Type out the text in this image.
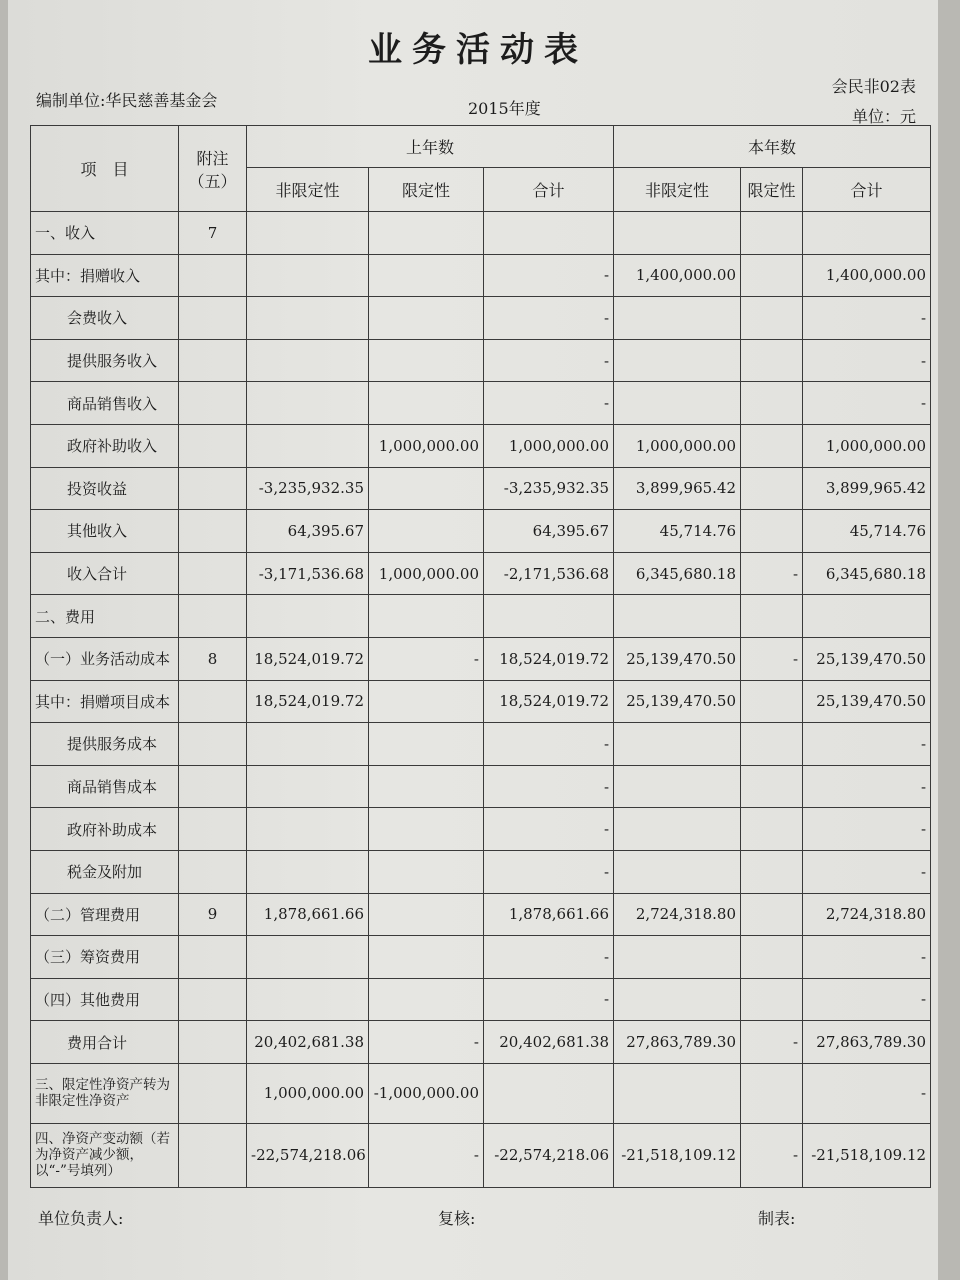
业务活动表
会民非02表
编制单位:华民慈善基金会	2015年度	单位：元
项　目	附注（五）	上年数			本年数		
		非限定性	限定性	合计	非限定性	限定性	合计
一、收入	7						
其中：捐赠收入				-	1,400,000.00		1,400,000.00
会费收入				-			-
提供服务收入				-			-
商品销售收入				-			-
政府补助收入			1,000,000.00	1,000,000.00	1,000,000.00		1,000,000.00
投资收益		-3,235,932.35		-3,235,932.35	3,899,965.42		3,899,965.42
其他收入		64,395.67		64,395.67	45,714.76		45,714.76
收入合计		-3,171,536.68	1,000,000.00	-2,171,536.68	6,345,680.18	-	6,345,680.18
二、费用							
（一）业务活动成本	8	18,524,019.72	-	18,524,019.72	25,139,470.50	-	25,139,470.50
其中：捐赠项目成本		18,524,019.72		18,524,019.72	25,139,470.50		25,139,470.50
提供服务成本				-			-
商品销售成本				-			-
政府补助成本				-			-
税金及附加				-			-
（二）管理费用	9	1,878,661.66		1,878,661.66	2,724,318.80		2,724,318.80
（三）筹资费用				-			-
（四）其他费用				-			-
费用合计		20,402,681.38	-	20,402,681.38	27,863,789.30	-	27,863,789.30
三、限定性净资产转为非限定性净资产		1,000,000.00	-1,000,000.00				-
四、净资产变动额（若为净资产减少额，以“-”号填列）		-22,574,218.06	-	-22,574,218.06	-21,518,109.12	-	-21,518,109.12
单位负责人:	复核:	制表:
